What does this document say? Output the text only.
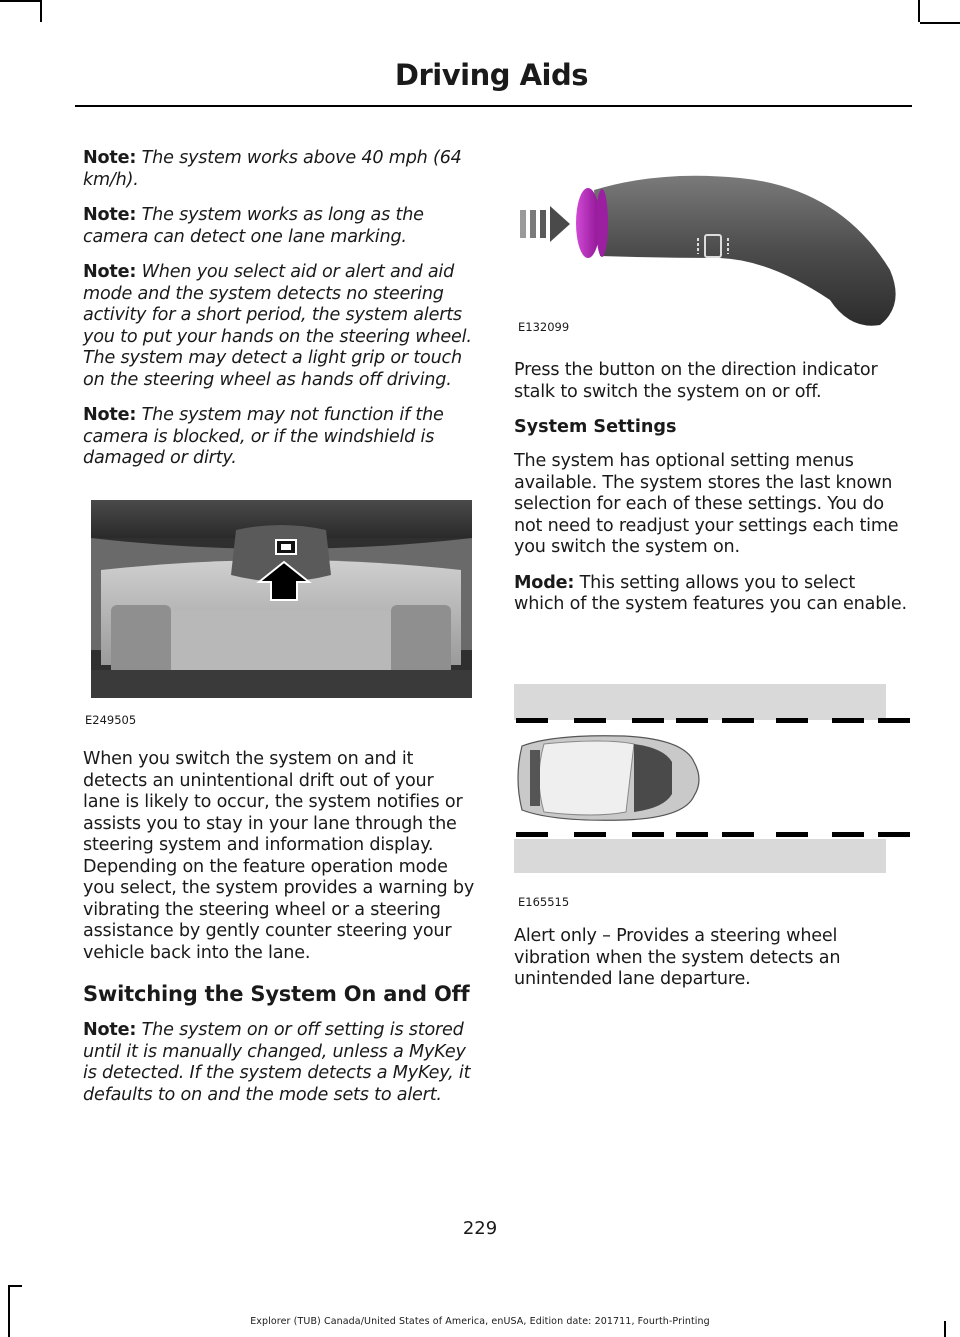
Driving Aids

Note: The system works above 40 mph (64 km/h).

Note: The system works as long as the camera can detect one lane marking.

Note: When you select aid or alert and aid mode and the system detects no steering activity for a short period, the system alerts you to put your hands on the steering wheel. The system may detect a light grip or touch on the steering wheel as hands off driving.

Note: The system may not function if the camera is blocked, or if the windshield is damaged or dirty.

E249505

When you switch the system on and it detects an unintentional drift out of your lane is likely to occur, the system notifies or assists you to stay in your lane through the steering system and information display. Depending on the feature operation mode you select, the system provides a warning by vibrating the steering wheel or a steering assistance by gently counter steering your vehicle back into the lane.

Switching the System On and Off

Note: The system on or off setting is stored until it is manually changed, unless a MyKey is detected. If the system detects a MyKey, it defaults to on and the mode sets to alert.

E132099

Press the button on the direction indicator stalk to switch the system on or off.

System Settings

The system has optional setting menus available. The system stores the last known selection for each of these settings. You do not need to readjust your settings each time you switch the system on.

Mode: This setting allows you to select which of the system features you can enable.

E165515

Alert only – Provides a steering wheel vibration when the system detects an unintended lane departure.

229
Explorer (TUB) Canada/United States of America, enUSA, Edition date: 201711, Fourth-Printing
